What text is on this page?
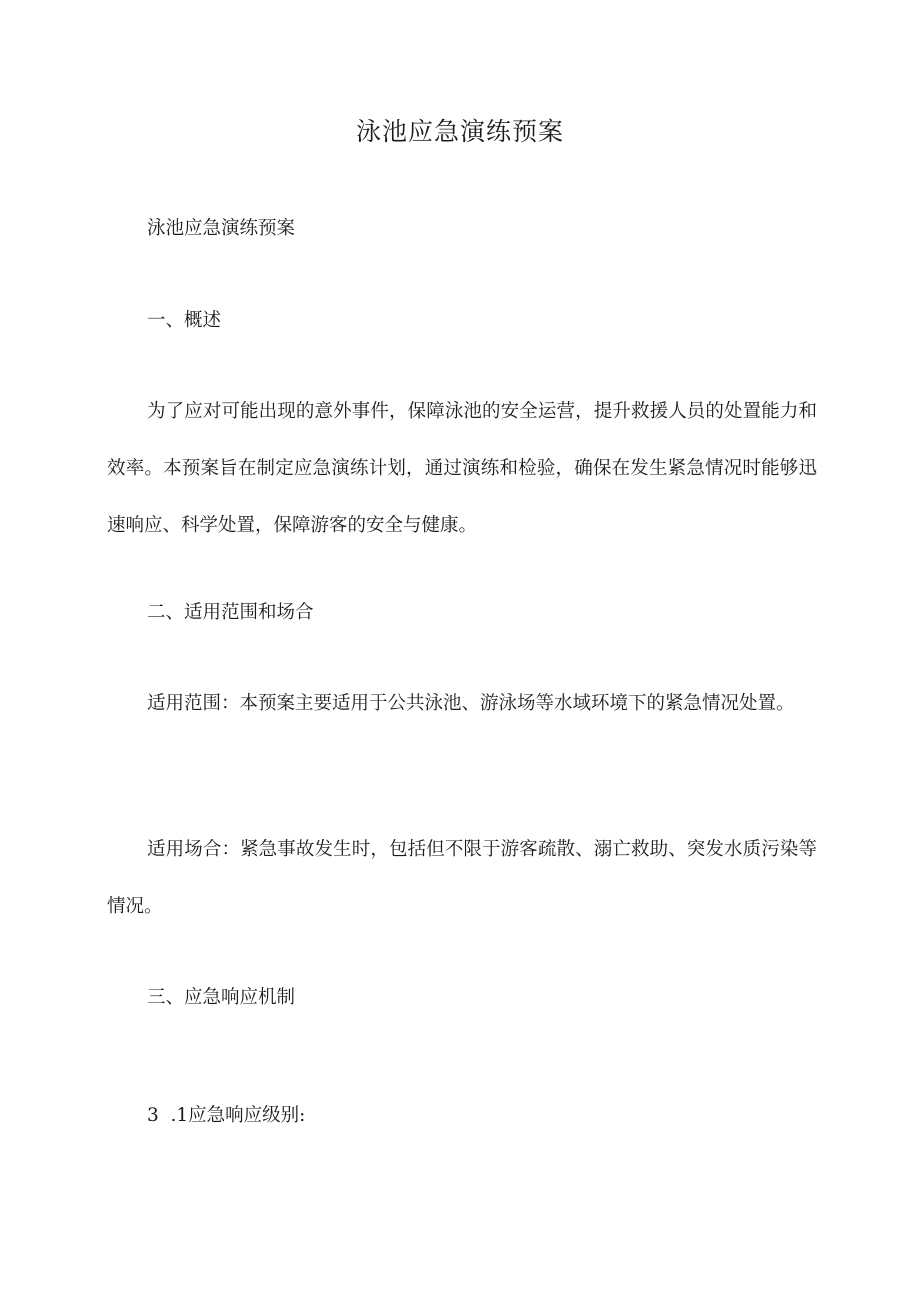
泳池应急演练预案
泳池应急演练预案
一、概述

为了应对可能出现的意外事件，保障泳池的安全运营，提升救援人员的处置能力和效率。本预案旨在制定应急演练计划，通过演练和检验，确保在发生紧急情况时能够迅速响应、科学处置，保障游客的安全与健康。

二、适用范围和场合

适用范围：本预案主要适用于公共泳池、游泳场等水域环境下的紧急情况处置。

适用场合：紧急事故发生时，包括但不限于游客疏散、溺亡救助、突发水质污染等情况。

三、应急响应机制
3  .1应急响应级别:
